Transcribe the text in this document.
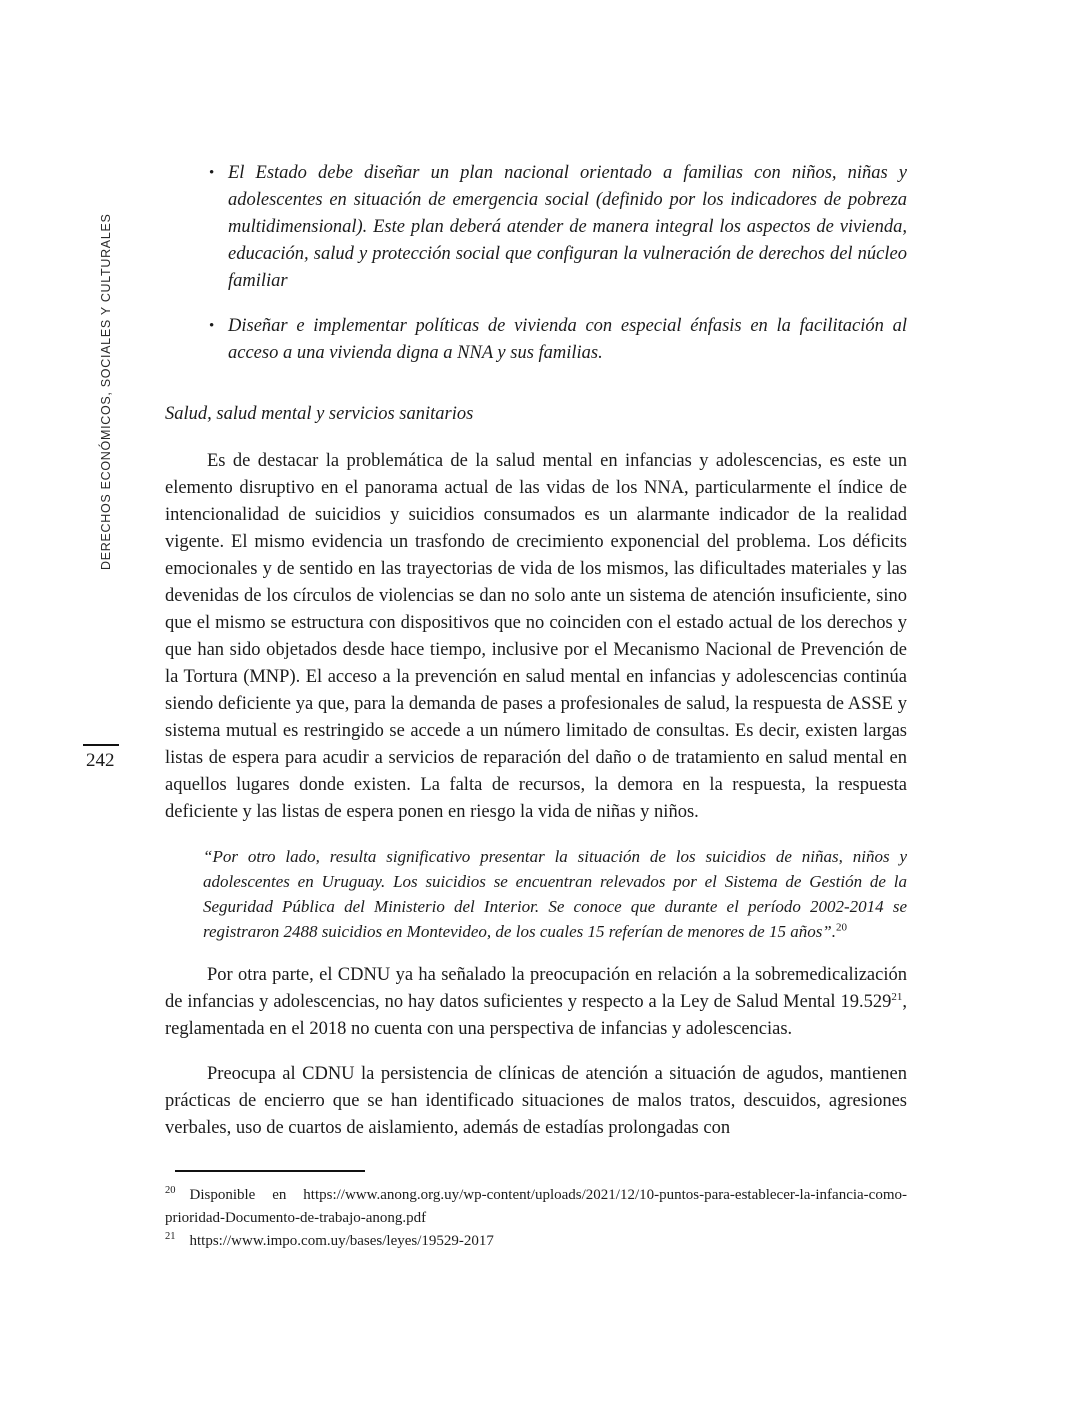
DERECHOS ECONÓMICOS, SOCIALES Y CULTURALES
242
• El Estado debe diseñar un plan nacional orientado a familias con niños, niñas y adolescentes en situación de emergencia social (definido por los indicadores de pobreza multidimensional). Este plan deberá atender de manera integral los aspectos de vivienda, educación, salud y protección social que configuran la vulneración de derechos del núcleo familiar
• Diseñar e implementar políticas de vivienda con especial énfasis en la facilitación al acceso a una vivienda digna a NNA y sus familias.
Salud, salud mental y servicios sanitarios

Es de destacar la problemática de la salud mental en infancias y adolescencias, es este un elemento disruptivo en el panorama actual de las vidas de los NNA, particularmente el índice de intencionalidad de suicidios y suicidios consumados es un alarmante indicador de la realidad vigente. El mismo evidencia un trasfondo de crecimiento exponencial del problema. Los déficits emocionales y de sentido en las trayectorias de vida de los mismos, las dificultades materiales y las devenidas de los círculos de violencias se dan no solo ante un sistema de atención insuficiente, sino que el mismo se estructura con dispositivos que no coinciden con el estado actual de los derechos y que han sido objetados desde hace tiempo, inclusive por el Mecanismo Nacional de Prevención de la Tortura (MNP). El acceso a la prevención en salud mental en infancias y adolescencias continúa siendo deficiente ya que, para la demanda de pases a profesionales de salud, la respuesta de ASSE y sistema mutual es restringido se accede a un número limitado de consultas. Es decir, existen largas listas de espera para acudir a servicios de reparación del daño o de tratamiento en salud mental en aquellos lugares donde existen. La falta de recursos, la demora en la respuesta, la respuesta deficiente y las listas de espera ponen en riesgo la vida de niñas y niños.

“Por otro lado, resulta significativo presentar la situación de los suicidios de niñas, niños y adolescentes en Uruguay. Los suicidios se encuentran relevados por el Sistema de Gestión de la Seguridad Pública del Ministerio del Interior. Se conoce que durante el período 2002-2014 se registraron 2488 suicidios en Montevideo, de los cuales 15 referían de menores de 15 años”.$^{20}$

Por otra parte, el CDNU ya ha señalado la preocupación en relación a la sobremedicalización de infancias y adolescencias, no hay datos suficientes y respecto a la Ley de Salud Mental 19.529$^{21}$, reglamentada en el 2018 no cuenta con una perspectiva de infancias y adolescencias.

Preocupa al CDNU la persistencia de clínicas de atención a situación de agudos, mantienen prácticas de encierro que se han identificado situaciones de malos tratos, descuidos, agresiones verbales, uso de cuartos de aislamiento, además de estadías prolongadas con

$^{20}$ Disponible en https://www.anong.org.uy/wp-content/uploads/2021/12/10-puntos-para-establecer-la-infancia-como- prioridad-Documento-de-trabajo-anong.pdf
$^{21}$ https://www.impo.com.uy/bases/leyes/19529-2017
